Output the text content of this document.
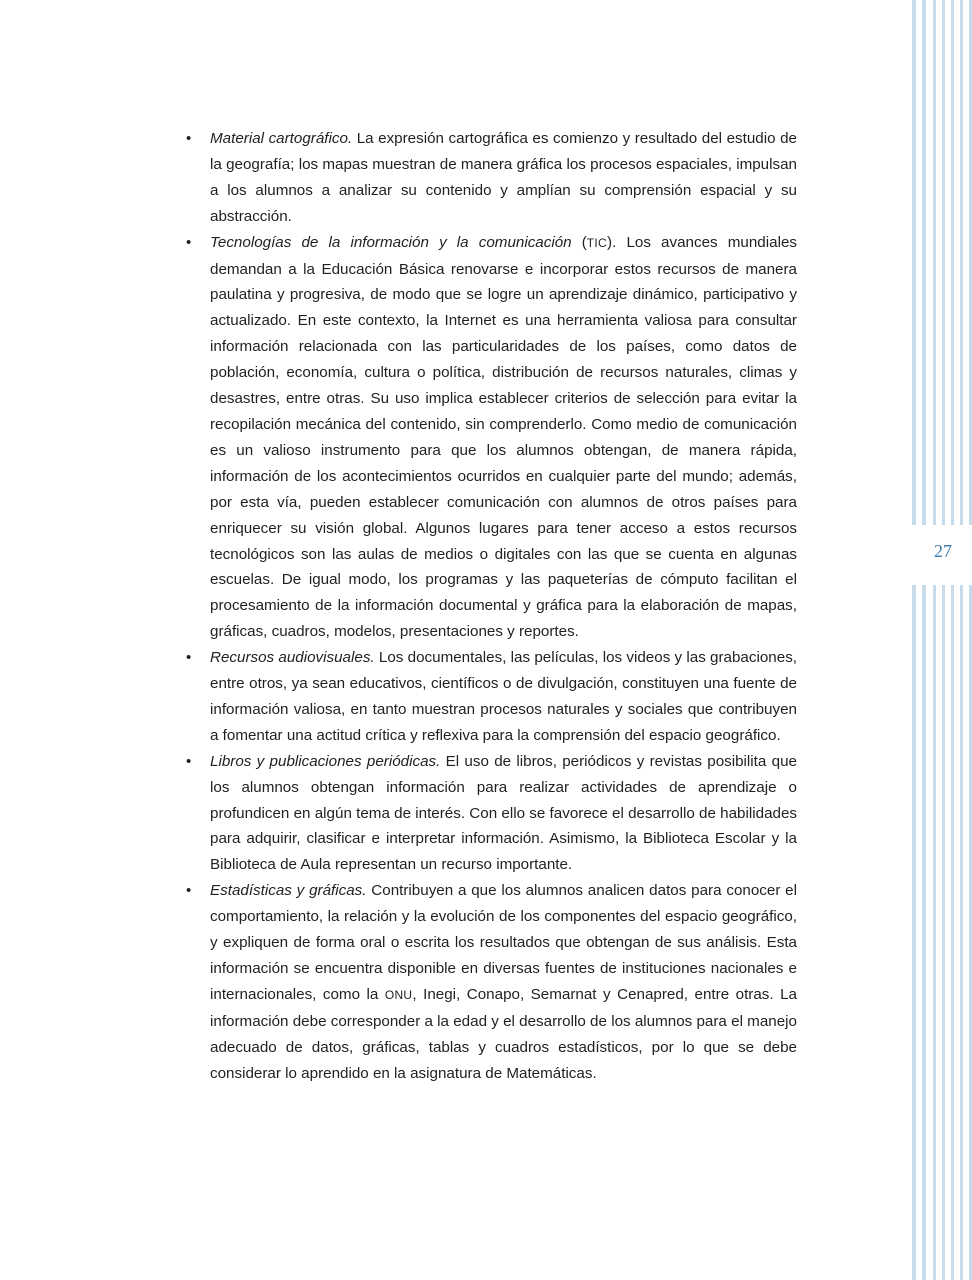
• Material cartográfico. La expresión cartográfica es comienzo y resultado del estudio de la geografía; los mapas muestran de manera gráfica los procesos espaciales, impulsan a los alumnos a analizar su contenido y amplían su comprensión espacial y su abstracción.
• Tecnologías de la información y la comunicación (TIC). Los avances mundiales demandan a la Educación Básica renovarse e incorporar estos recursos de manera paulatina y progresiva, de modo que se logre un aprendizaje dinámico, participativo y actualizado. En este contexto, la Internet es una herramienta valiosa para consultar información relacionada con las particularidades de los países, como datos de población, economía, cultura o política, distribución de recursos naturales, climas y desastres, entre otras. Su uso implica establecer criterios de selección para evitar la recopilación mecánica del contenido, sin comprenderlo. Como medio de comunicación es un valioso instrumento para que los alumnos obtengan, de manera rápida, información de los acontecimientos ocurridos en cualquier parte del mundo; además, por esta vía, pueden establecer comunicación con alumnos de otros países para enriquecer su visión global. Algunos lugares para tener acceso a estos recursos tecnológicos son las aulas de medios o digitales con las que se cuenta en algunas escuelas. De igual modo, los programas y las paqueterías de cómputo facilitan el procesamiento de la información documental y gráfica para la elaboración de mapas, gráficas, cuadros, modelos, presentaciones y reportes.
• Recursos audiovisuales. Los documentales, las películas, los videos y las grabaciones, entre otros, ya sean educativos, científicos o de divulgación, constituyen una fuente de información valiosa, en tanto muestran procesos naturales y sociales que contribuyen a fomentar una actitud crítica y reflexiva para la comprensión del espacio geográfico.
• Libros y publicaciones periódicas. El uso de libros, periódicos y revistas posibilita que los alumnos obtengan información para realizar actividades de aprendizaje o profundicen en algún tema de interés. Con ello se favorece el desarrollo de habilidades para adquirir, clasificar e interpretar información. Asimismo, la Biblioteca Escolar y la Biblioteca de Aula representan un recurso importante.
• Estadísticas y gráficas. Contribuyen a que los alumnos analicen datos para conocer el comportamiento, la relación y la evolución de los componentes del espacio geográfico, y expliquen de forma oral o escrita los resultados que obtengan de sus análisis. Esta información se encuentra disponible en diversas fuentes de instituciones nacionales e internacionales, como la ONU, Inegi, Conapo, Semarnat y Cenapred, entre otras. La información debe corresponder a la edad y el desarrollo de los alumnos para el manejo adecuado de datos, gráficas, tablas y cuadros estadísticos, por lo que se debe considerar lo aprendido en la asignatura de Matemáticas.
27
